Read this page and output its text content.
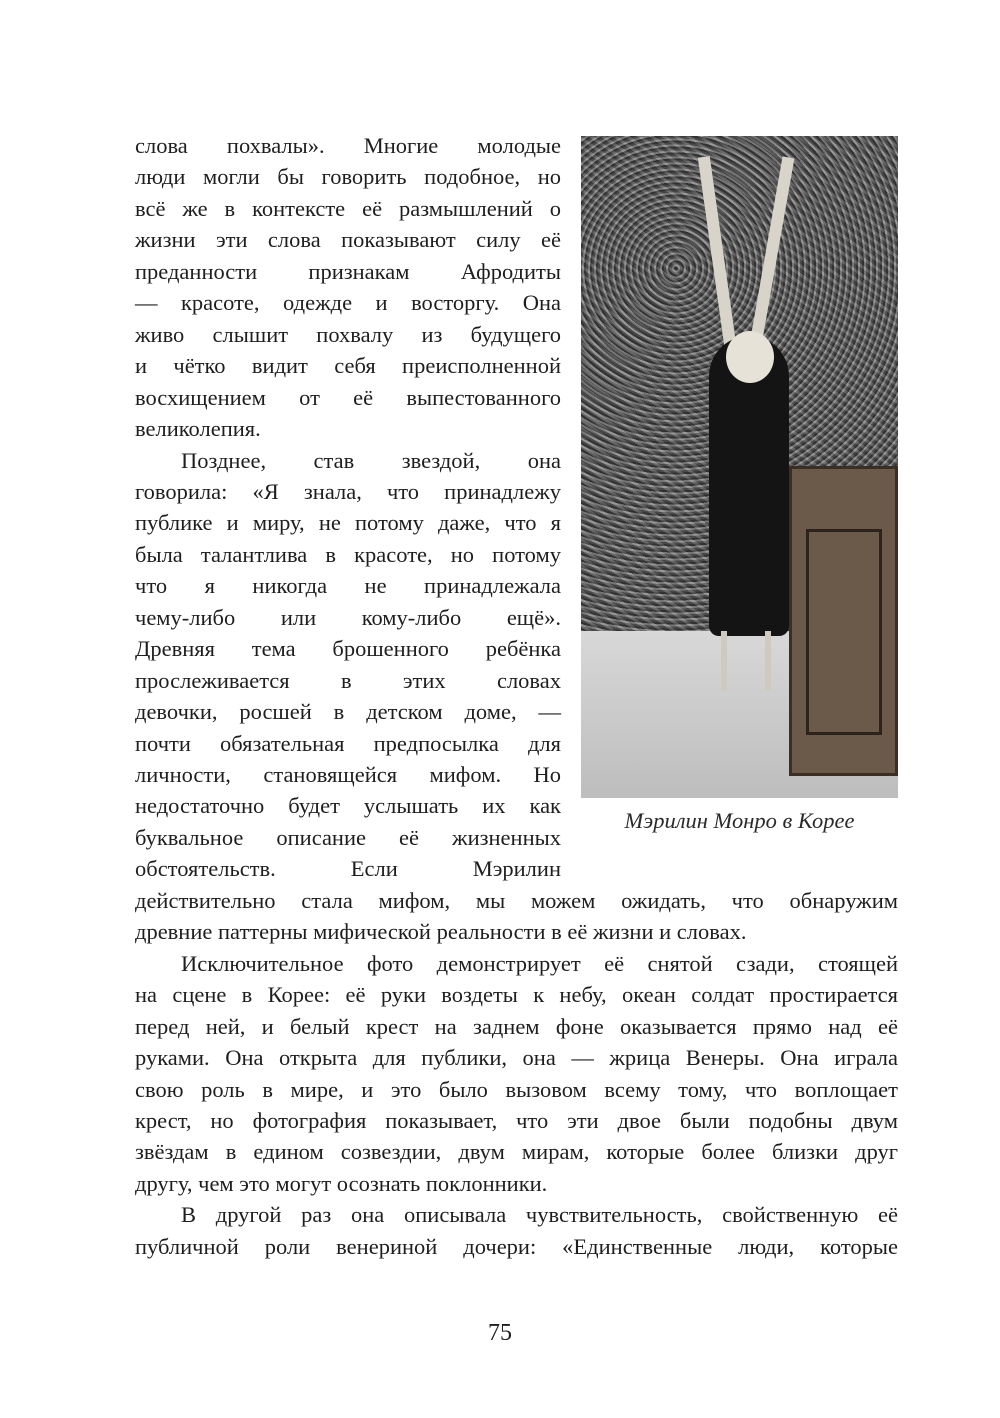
слова похвалы». Многие молодые
люди могли бы говорить подобное, но
всё же в контексте её размышлений о
жизни эти слова показывают силу её
преданности признакам Афродиты
— красоте, одежде и восторгу. Она
живо слышит похвалу из будущего
и чётко видит себя преисполненной
восхищением от её выпестованного
великолепия.
Позднее, став звездой, она
говорила: «Я знала, что принадлежу
публике и миру, не потому даже, что я
была талантлива в красоте, но потому
что я никогда не принадлежала
чему-либо или кому-либо ещё».
Древняя тема брошенного ребёнка
прослеживается в этих словах
девочки, росшей в детском доме, —
почти обязательная предпосылка для
личности, становящейся мифом. Но
недостаточно будет услышать их как
буквальное описание её жизненных
обстоятельств. Если Мэрилин
действительно стала мифом, мы можем ожидать, что обнаружим
древние паттерны мифической реальности в её жизни и словах.
Исключительное фото демонстрирует её снятой сзади, стоящей
на сцене в Корее: её руки воздеты к небу, океан солдат простирается
перед ней, и белый крест на заднем фоне оказывается прямо над её
руками. Она открыта для публики, она — жрица Венеры. Она играла
свою роль в мире, и это было вызовом всему тому, что воплощает
крест, но фотография показывает, что эти двое были подобны двум
звёздам в едином созвездии, двум мирам, которые более близки друг
другу, чем это могут осознать поклонники.
В другой раз она описывала чувствительность, свойственную её
публичной роли венериной дочери: «Единственные люди, которые
Мэрилин Монро в Корее
75
